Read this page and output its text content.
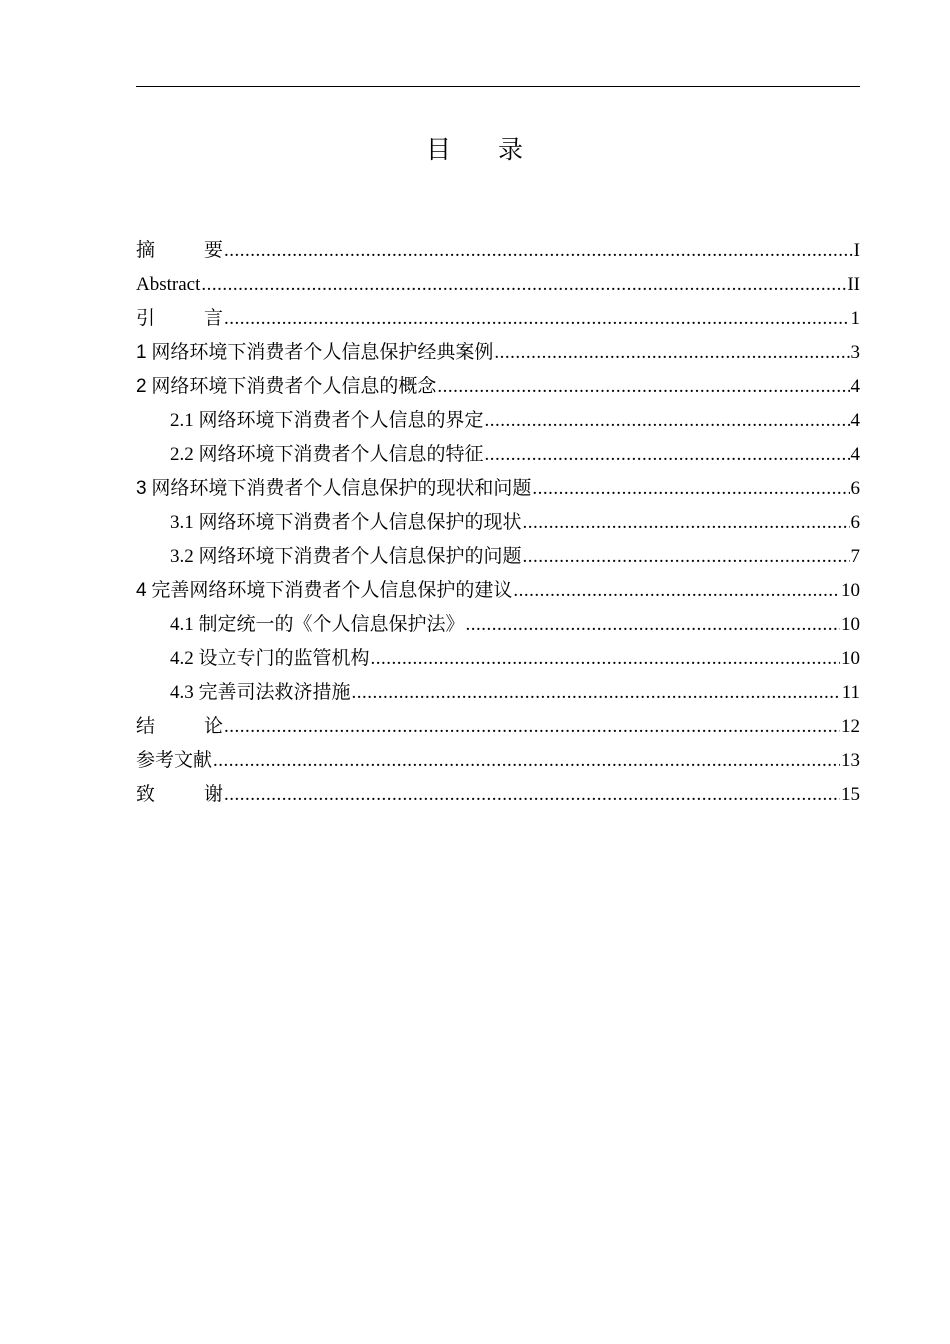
目 录
摘	要 .....	I
Abstract .....	II
引	言 .....	1
1 网络环境下消费者个人信息保护经典案例 .....	3
2 网络环境下消费者个人信息的概念 .....	4
2.1 网络环境下消费者个人信息的界定 .....	4
2.2 网络环境下消费者个人信息的特征 .....	4
3 网络环境下消费者个人信息保护的现状和问题 .....	6
3.1 网络环境下消费者个人信息保护的现状 .....	6
3.2 网络环境下消费者个人信息保护的问题 .....	7
4 完善网络环境下消费者个人信息保护的建议 .....	10
4.1 制定统一的《个人信息保护法》 .....	10
4.2 设立专门的监管机构 .....	10
4.3 完善司法救济措施 .....	11
结	论 .....	12
参考文献 .....	13
致	谢 .....	15
